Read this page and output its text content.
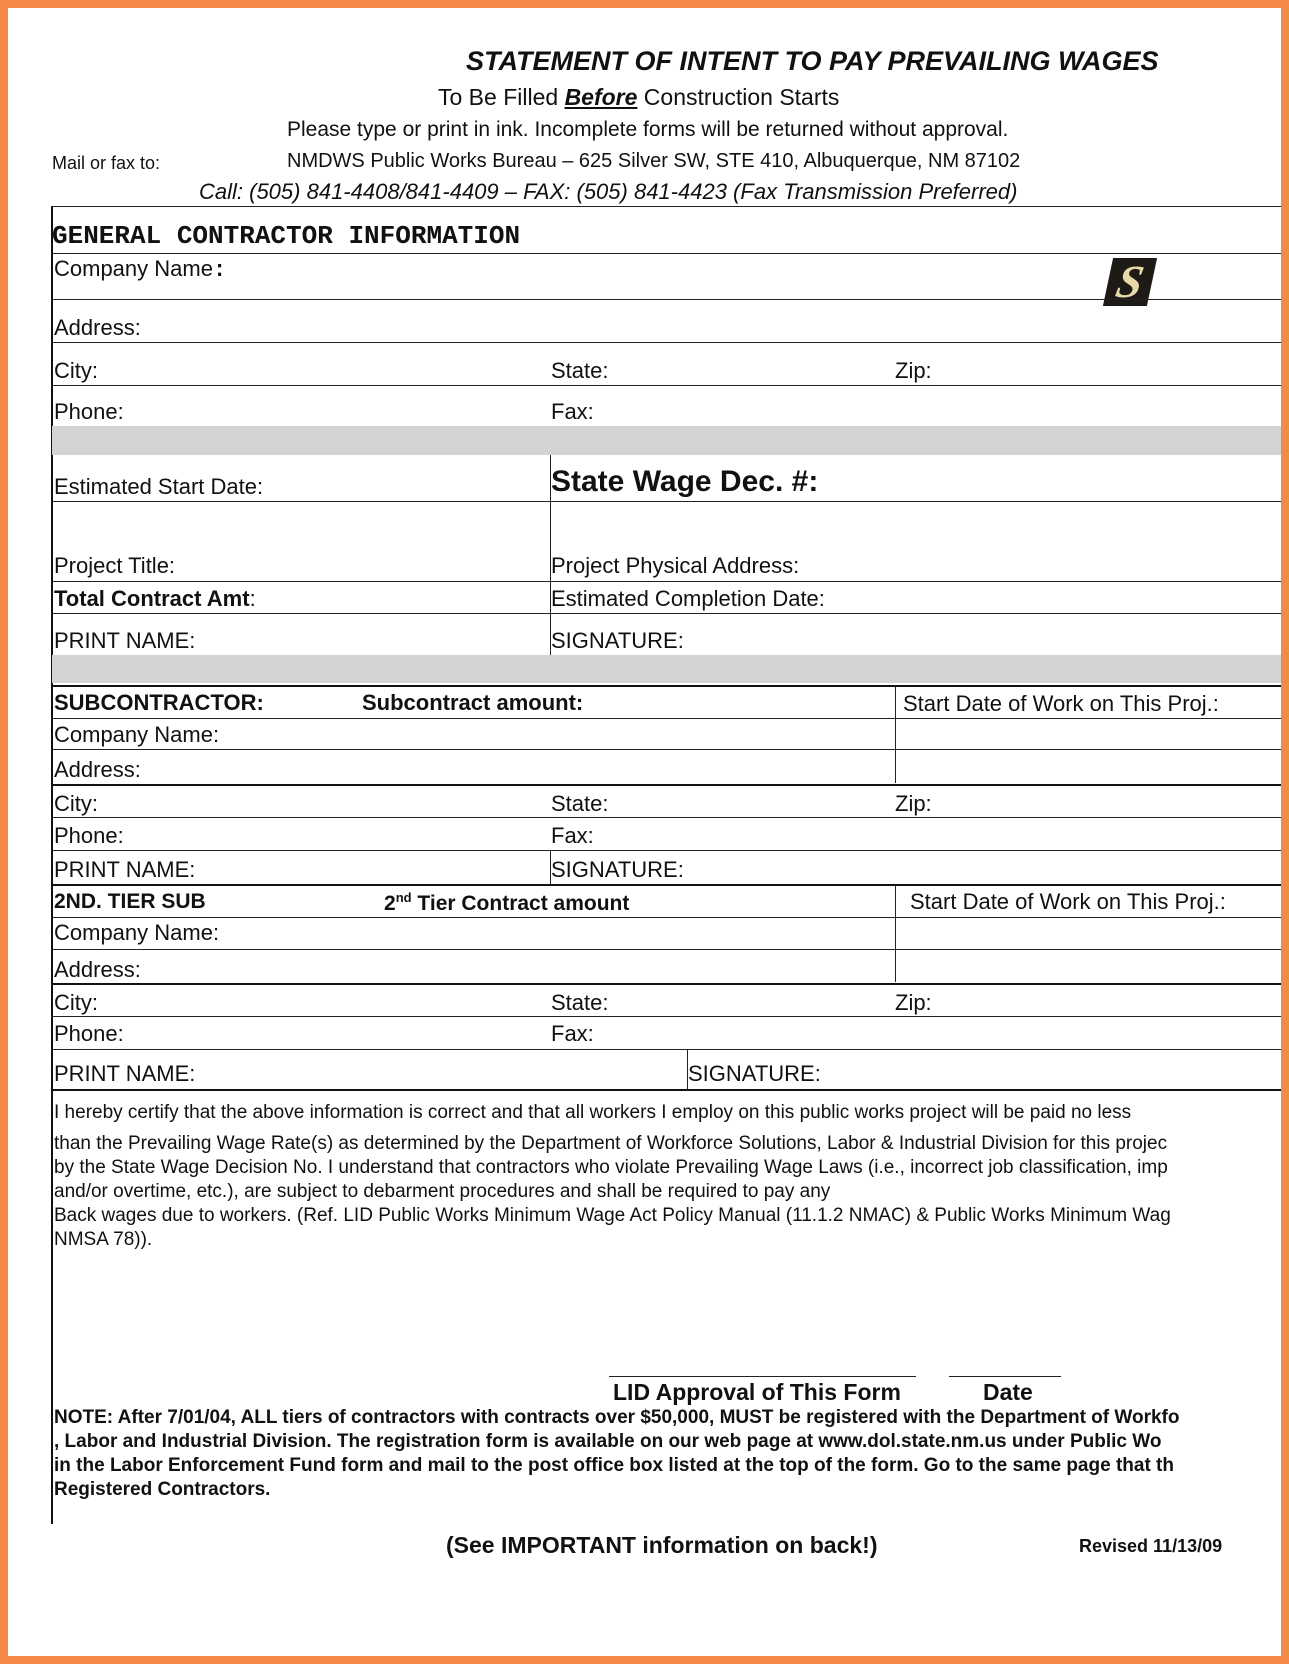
STATEMENT OF INTENT TO PAY PREVAILING WAGES
To Be Filled Before Construction Starts
Please type or print in ink. Incomplete forms will be returned without approval.
Mail or fax to:	NMDWS Public Works Bureau – 625 Silver SW, STE 410, Albuquerque, NM 87102
Call: (505) 841-4408/841-4409 – FAX: (505) 841-4423 (Fax Transmission Preferred)
GENERAL CONTRACTOR INFORMATION
Company Name:	S
Address:
City:	State:	Zip:
Phone:	Fax:
Estimated Start Date:	State Wage Dec. #:
Project Title:	Project Physical Address:
Total Contract Amt:	Estimated Completion Date:
PRINT NAME:	SIGNATURE:
SUBCONTRACTOR:	Subcontract amount:	Start Date of Work on This Proj.:
Company Name:
Address:
City:	State:	Zip:
Phone:	Fax:
PRINT NAME:	SIGNATURE:
2ND. TIER SUB	2nd Tier Contract amount	Start Date of Work on This Proj.:
Company Name:
Address:
City:	State:	Zip:
Phone:	Fax:
PRINT NAME:	SIGNATURE:
I hereby certify that the above information is correct and that all workers I employ on this public works project will be paid no less
than the Prevailing Wage Rate(s) as determined by the Department of Workforce Solutions, Labor & Industrial Division for this projec
by the State Wage Decision No. I understand that contractors who violate Prevailing Wage Laws (i.e., incorrect job classification, imp
and/or overtime, etc.), are subject to debarment procedures and shall be required to pay any
Back wages due to workers. (Ref. LID Public Works Minimum Wage Act Policy Manual (11.1.2 NMAC) & Public Works Minimum Wag
NMSA 78)).
LID Approval of This Form	Date
NOTE: After 7/01/04, ALL tiers of contractors with contracts over $50,000, MUST be registered with the Department of Workfo
, Labor and Industrial Division. The registration form is available on our web page at www.dol.state.nm.us under Public Wo
in the Labor Enforcement Fund form and mail to the post office box listed at the top of the form. Go to the same page that th
Registered Contractors.
(See IMPORTANT information on back!)	Revised 11/13/09
